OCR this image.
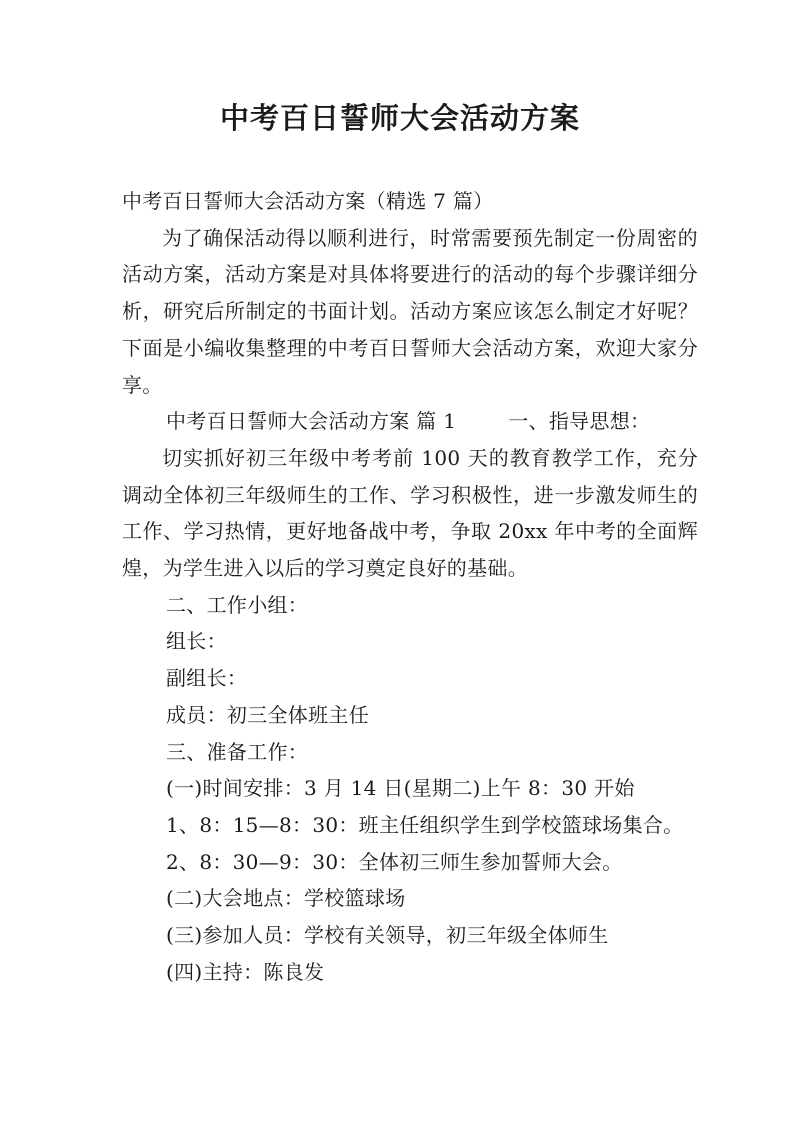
中考百日誓师大会活动方案

中考百日誓师大会活动方案（精选 7 篇）

为了确保活动得以顺利进行，时常需要预先制定一份周密的活动方案，活动方案是对具体将要进行的活动的每个步骤详细分析，研究后所制定的书面计划。活动方案应该怎么制定才好呢？下面是小编收集整理的中考百日誓师大会活动方案，欢迎大家分享。

中考百日誓师大会活动方案 篇 1	一、指导思想：

切实抓好初三年级中考考前 100 天的教育教学工作，充分调动全体初三年级师生的工作、学习积极性，进一步激发师生的工作、学习热情，更好地备战中考，争取 20xx 年中考的全面辉煌，为学生进入以后的学习奠定良好的基础。

二、工作小组：

组长：

副组长：

成员：初三全体班主任

三、准备工作：

(一)时间安排：3 月 14 日(星期二)上午 8：30 开始

1、8：15—8：30：班主任组织学生到学校篮球场集合。

2、8：30—9：30：全体初三师生参加誓师大会。

(二)大会地点：学校篮球场

(三)参加人员：学校有关领导，初三年级全体师生

(四)主持：陈良发
